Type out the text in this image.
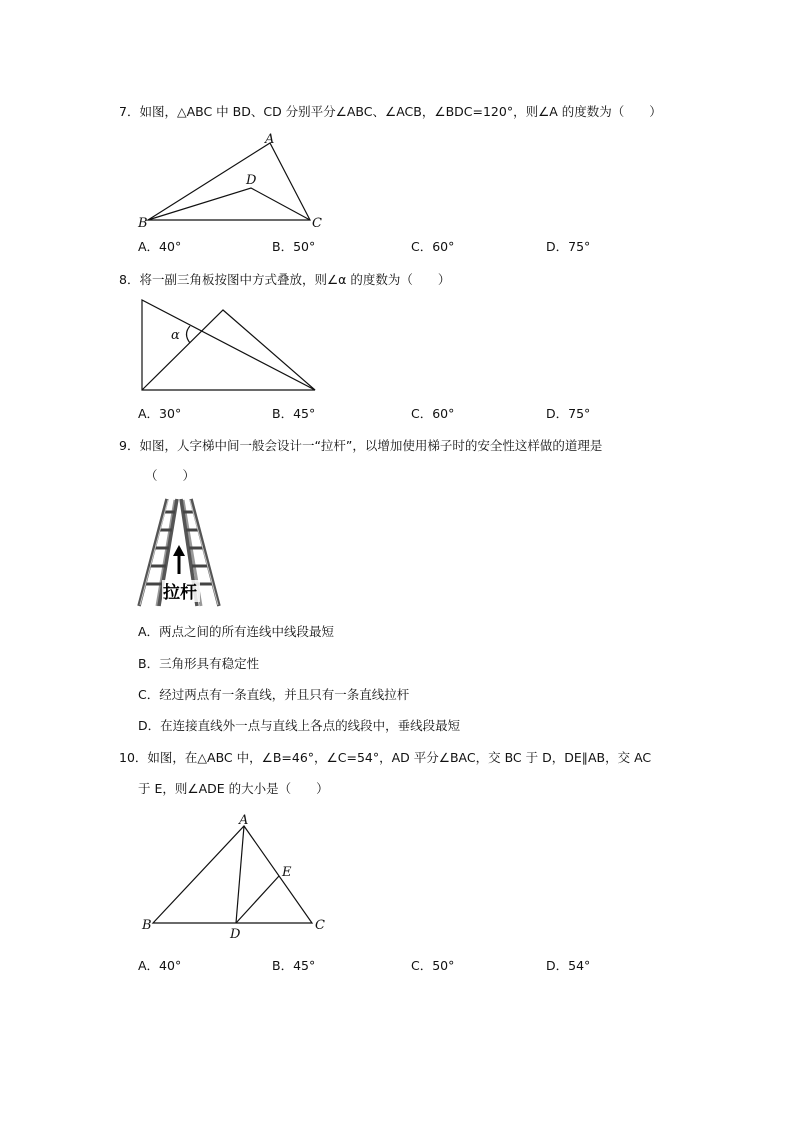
7．如图，△ABC 中 BD、CD 分别平分∠ABC、∠ACB，∠BDC=120°，则∠A 的度数为（　　）
A
B	C
D
A．40°	B．50°	C．60°	D．75°
8．将一副三角板按图中方式叠放，则∠α 的度数为（　　）
α
A．30°	B．45°	C．60°	D．75°
9．如图，人字梯中间一般会设计一“拉杆”，以增加使用梯子时的安全性这样做的道理是
（　　）
拉杆
A．两点之间的所有连线中线段最短
B．三角形具有稳定性
C．经过两点有一条直线，并且只有一条直线拉杆
D．在连接直线外一点与直线上各点的线段中，垂线段最短
10．如图，在△ABC 中，∠B=46°，∠C=54°，AD 平分∠BAC，交 BC 于 D，DE∥AB，交 AC
于 E，则∠ADE 的大小是（　　）
A
B	C
D
E
A．40°	B．45°	C．50°	D．54°
